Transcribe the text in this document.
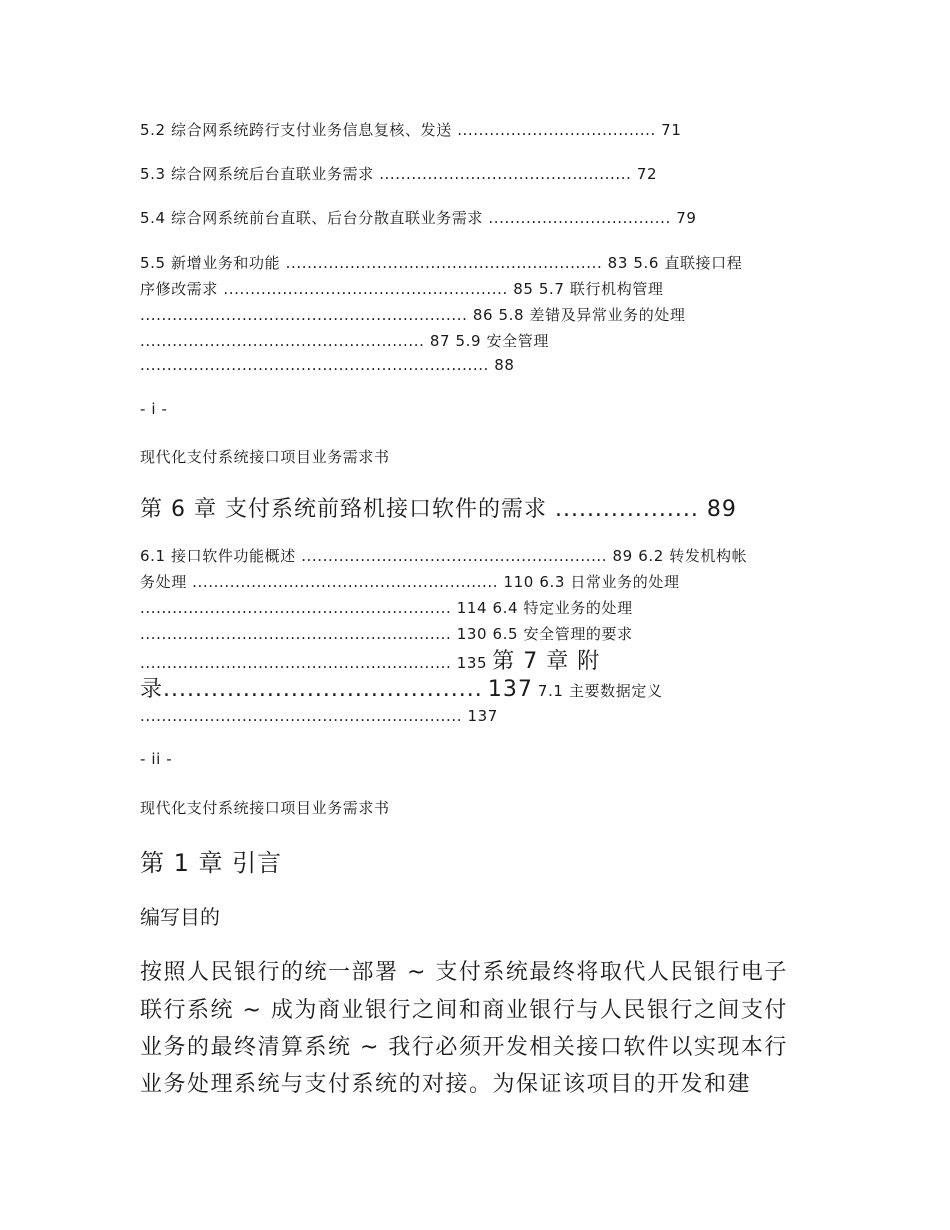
5.2 综合网系统跨行支付业务信息复核、发送 ..................................... 71
5.3 综合网系统后台直联业务需求 ............................................... 72
5.4 综合网系统前台直联、后台分散直联业务需求 .................................. 79
5.5 新增业务和功能 ........................................................... 83 5.6 直联接口程
序修改需求 ..................................................... 85 5.7 联行机构管理
............................................................. 86 5.8 差错及异常业务的处理
..................................................... 87 5.9 安全管理
................................................................. 88
- i -
现代化支付系统接口项目业务需求书
第 6 章 支付系统前臵机接口软件的需求 .................. 89
6.1 接口软件功能概述 ......................................................... 89 6.2 转发机构帐
务处理 ......................................................... 110 6.3 日常业务的处理
.......................................................... 114 6.4 特定业务的处理
.......................................................... 130 6.5 安全管理的要求
.......................................................... 135 第 7 章 附
录........................................ 137 7.1 主要数据定义
............................................................ 137
- ii -
现代化支付系统接口项目业务需求书
第 1 章 引言
编写目的
按照人民银行的统一部署 ~ 支付系统最终将取代人民银行电子
联行系统 ~ 成为商业银行之间和商业银行与人民银行之间支付
业务的最终清算系统 ~ 我行必须开发相关接口软件以实现本行
业务处理系统与支付系统的对接。为保证该项目的开发和建
